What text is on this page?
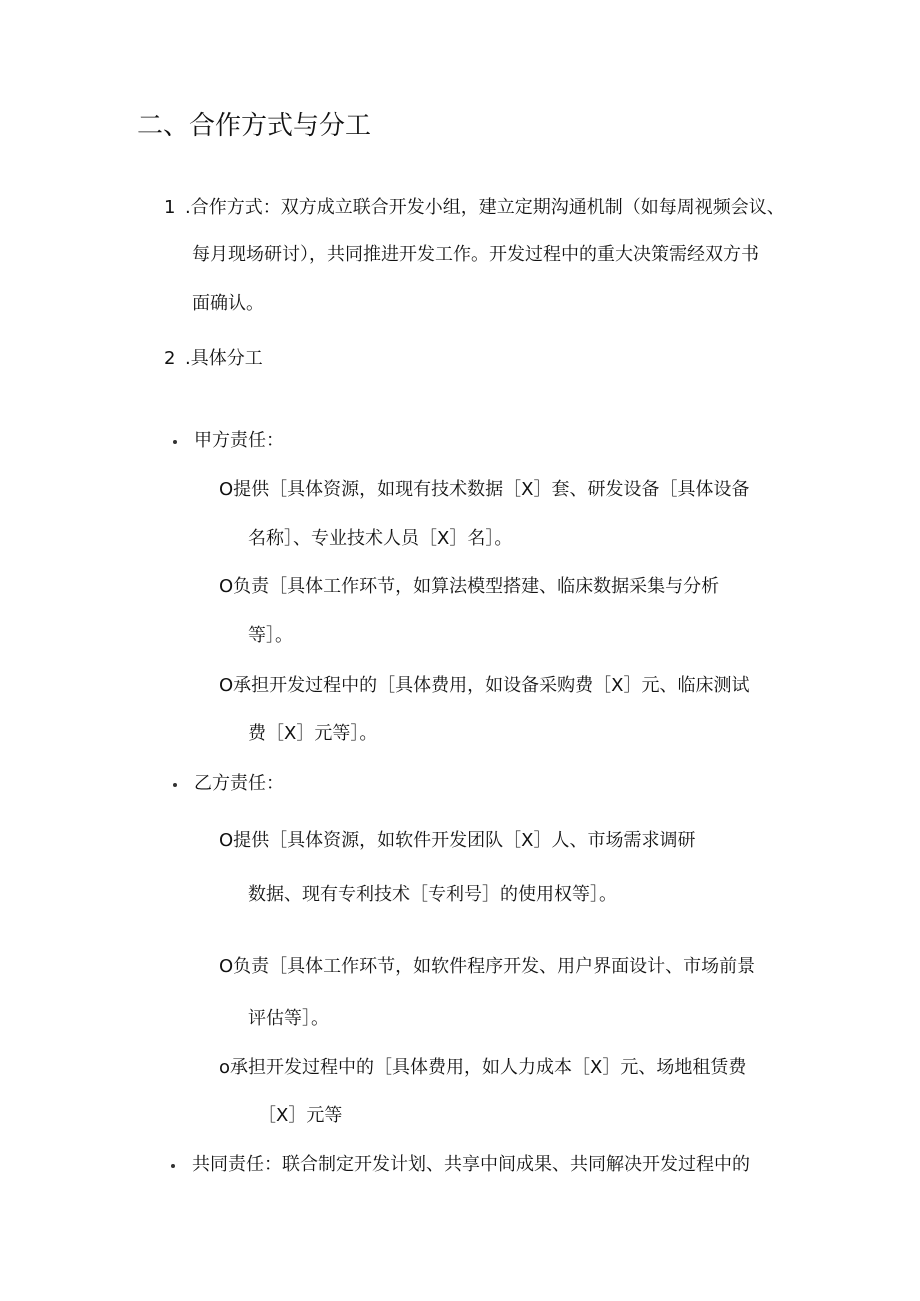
二、合作方式与分工
1 .合作方式：双方成立联合开发小组，建立定期沟通机制（如每周视频会议、
每月现场研讨），共同推进开发工作。开发过程中的重大决策需经双方书
面确认。
2 .具体分工
甲方责任：
O提供［具体资源，如现有技术数据［X］套、研发设备［具体设备
名称］、专业技术人员［X］名］。
O负责［具体工作环节，如算法模型搭建、临床数据采集与分析
等］。
O承担开发过程中的［具体费用，如设备采购费［X］元、临床测试
费［X］元等］。
乙方责任：
O提供［具体资源，如软件开发团队［X］人、市场需求调研
数据、现有专利技术［专利号］的使用权等］。
O负责［具体工作环节，如软件程序开发、用户界面设计、市场前景
评估等］。
o承担开发过程中的［具体费用，如人力成本［X］元、场地租赁费
［X］元等
共同责任：联合制定开发计划、共享中间成果、共同解决开发过程中的
